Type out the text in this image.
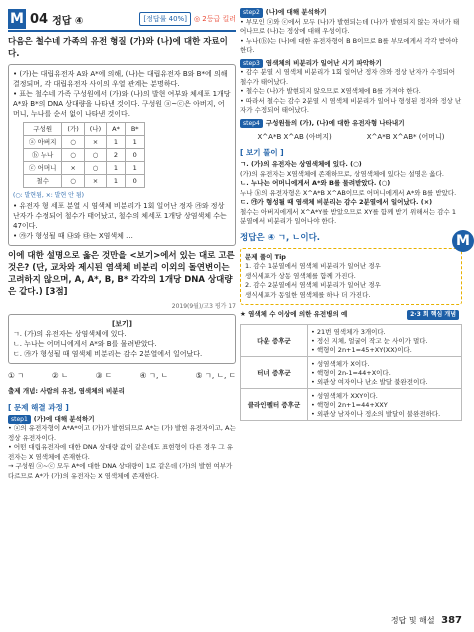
M 04 정답 ④	[정답률 40%]	◎ 2등급 킬러
다음은 철수네 가족의 유전 형질 (가)와 (나)에 대한 자료이다.
• (가)는 대립유전자 A와 A*에 의해, (나)는 대립유전자 B와 B*에 의해 결정되며, 각 대립유전자 사이의 우열 관계는 분명하다.
• 표는 철수네 가족 구성원에서 (가)와 (나)의 발현 여부와 체세포 1개당 A*와 B*의 DNA 상대량을 나타낸 것이다. 구성원 ⓐ~ⓒ은 아버지, 어머니, 누나를 순서 없이 나타낸 것이다.
구성원	(가)	(나)	A*	B*
ⓐ 아버지	○	×	1	1
ⓑ 누나	○	○	2	0
ⓒ 어머니	×	○	1	1
철수	○	×	1	0
(○: 발현됨, ×: 발현 안 됨)
• 유전자 형 세포 분열 시 염색체 비분리가 1회 일어난 정자 ㉮와 정상 난자가 수정되어 철수가 태어났고, 철수의 체세포 1개당 상염색체 수는 47이다.
• ㉮가 형성될 때 ㉯와 ㉰는 X염색체 ...
이에 대한 설명으로 옳은 것만을 <보기>에서 있는 대로 고른 것은? (단, 교차와 제시된 염색체 비분리 이외의 돌연변이는 고려하지 않으며, A, A*, B, B* 각각의 1개당 DNA 상대량은 같다.) [3점]
2019(9월)/고3 평가 17
[보기]
ㄱ. (가)의 유전자는 상염색체에 있다.
ㄴ. 누나는 어머니에게서 A*와 B를 물려받았다.
ㄷ. ㉮가 형성될 때 염색체 비분리는 감수 2분열에서 일어났다.
① ㄱ	② ㄴ	③ ㄷ	④ ㄱ, ㄴ	⑤ ㄱ, ㄴ, ㄷ
출제 개념: 사람의 유전, 염색체의 비분리
[ 문제 해결 과정 ]
step1 (가)에 대해 분석하기
• ⓐ의 유전자형이 A*A*이고 (가)가 발현되므로 A*는 (가) 발현 유전자이고, A는 정상 유전자이다.
• 어떤 대립유전자에 대한 DNA 상대량 값이 같은데도 표현형이 다른 경우 그 유전자는 X 염색체에 존재한다.
→ 구성원 ⓐ~ⓒ 모두 A*에 대한 DNA 상대량이 1로 같은데 (가)의 발현 여부가 다르므로 A*가 (가)의 유전자는 X 염색체에 존재한다.
step2 (나)에 대해 분석하기
• 부모인 ⓐ와 ⓒ에서 모두 (나)가 발현되는데 (나)가 발현되지 않는 자녀가 태어나므로 (나)는 정상에 대해 우성이다.
• 누나(ⓑ)는 (나)에 대한 유전자형이 B B이므로 B를 부모에게서 각각 받아야한다.
step3 염색체의 비분리가 일어난 시기 파악하기
• 감수 분열 시 염색체 비분리가 1회 일어난 정자 ㉮와 정상 난자가 수정되어 철수가 태어났다.
• 철수는 (나)가 발현되지 않으므로 X염색체에 B를 가져야 한다.
• 따라서 철수는 감수 2분열 시 염색체 비분리가 일어나 형성된 정자와 정상 난자가 수정되어 태어났다.
step4 구성원들의 (가), (나)에 대한 유전자형 나타내기
X^A*B X^AB (아버지)	X^A*B X^AB* (어머니)
[ 보기 풀이 ]
ㄱ. (가)의 유전자는 상염색체에 있다. (○)
(가)의 유전자는 X염색체에 존재하므로, 상염색체에 있다는 설명은 옳다.
ㄴ. 누나는 어머니에게서 A*와 B를 물려받았다. (○)
누나 ⓑ의 유전자형은 X^A*B X^AB이므로 어머니에게서 A*와 B를 받았다.
ㄷ. ㉮가 형성될 때 염색체 비분리는 감수 2분열에서 일어났다. (×)
철수는 아버지에게서 X^A*Y를 받았으므로 XY를 함께 받기 위해서는 감수 1분열에서 비분리가 일어나야 한다.
정답은 ④ ㄱ, ㄴ이다.
문제 풀이 Tip
1. 감수 1분열에서 염색체 비분리가 일어난 경우
생식세포가 상동 염색체를 함께 가진다.
2. 감수 2분열에서 염색체 비분리가 일어난 경우
생식세포가 동일한 염색체를 하나 더 가진다.
★ 염색체 수 이상에 의한 유전병의 예	2·3 회 핵심 개념
다운 증후군	• 21번 염색체가 3개이다.
• 정신 지체, 얼굴이 작고 눈 사이가 멀다.
• 핵형이 2n+1=45+XY(XX)이다.

터너 증후군	• 성염색체가 X이다.
• 핵형이 2n-1=44+X이다.
• 외관상 여자이나 난소 발달 불완전이다.

클라인펠터 증후군	• 성염색체가 XXY이다.
• 핵형이 2n+1=44+XXY
• 외관상 남자이나 정소의 발달이 불완전하다.
M
정답 및 해설 387
